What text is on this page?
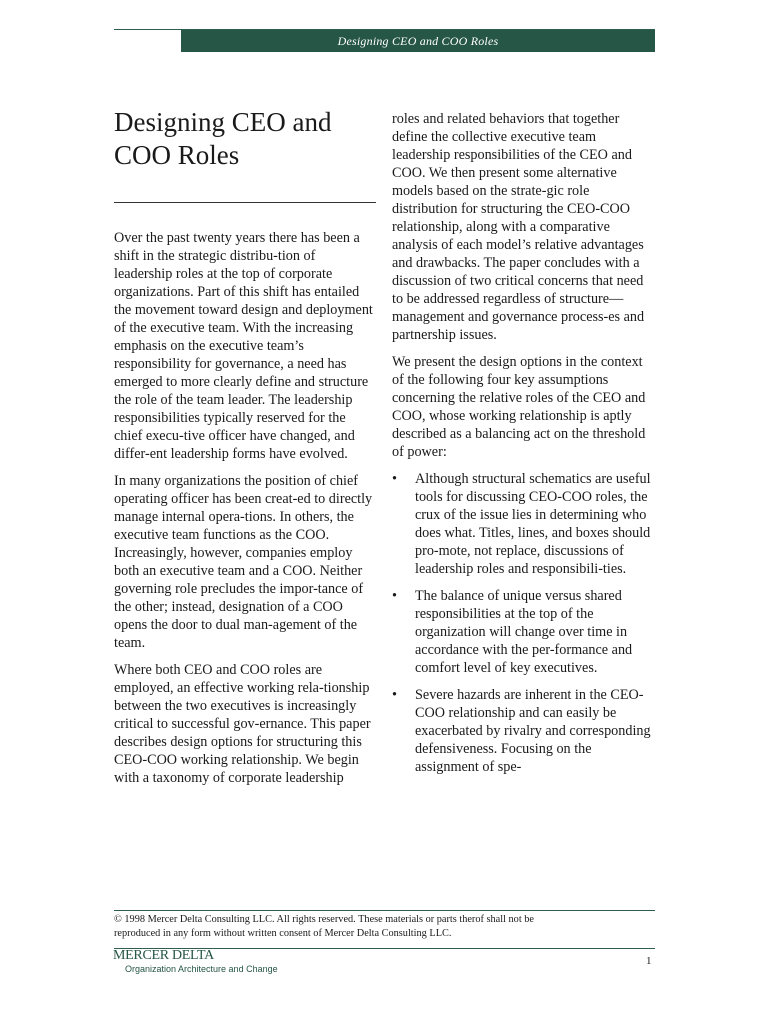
Designing CEO and COO Roles
Designing CEO and
COO Roles

Over the past twenty years there has been a shift in the strategic distribu-tion of leadership roles at the top of corporate organizations. Part of this shift has entailed the movement toward design and deployment of the executive team. With the increasing emphasis on the executive team’s responsibility for governance, a need has emerged to more clearly define and structure the role of the team leader. The leadership responsibilities typically reserved for the chief execu-tive officer have changed, and differ-ent leadership forms have evolved.

In many organizations the position of chief operating officer has been creat-ed to directly manage internal opera-tions. In others, the executive team functions as the COO. Increasingly, however, companies employ both an executive team and a COO. Neither governing role precludes the impor-tance of the other; instead, designation of a COO opens the door to dual man-agement of the team.

Where both CEO and COO roles are employed, an effective working rela-tionship between the two executives is increasingly critical to successful gov-ernance. This paper describes design options for structuring this CEO-COO working relationship. We begin with a taxonomy of corporate leadership

roles and related behaviors that together define the collective executive team leadership responsibilities of the CEO and COO. We then present some alternative models based on the strate-gic role distribution for structuring the CEO-COO relationship, along with a comparative analysis of each model’s relative advantages and drawbacks. The paper concludes with a discussion of two critical concerns that need to be addressed regardless of structure—management and governance process-es and partnership issues.

We present the design options in the context of the following four key assumptions concerning the relative roles of the CEO and COO, whose working relationship is aptly described as a balancing act on the threshold of power:

• Although structural schematics are useful tools for discussing CEO-COO roles, the crux of the issue lies in determining who does what. Titles, lines, and boxes should pro-mote, not replace, discussions of leadership roles and responsibili-ties.
• The balance of unique versus shared responsibilities at the top of the organization will change over time in accordance with the per-formance and comfort level of key executives.
• Severe hazards are inherent in the CEO-COO relationship and can easily be exacerbated by rivalry and corresponding defensiveness. Focusing on the assignment of spe-
© 1998 Mercer Delta Consulting LLC. All rights reserved. These materials or parts therof shall not be
reproduced in any form without written consent of Mercer Delta Consulting LLC.
MERCER DELTA
Organization Architecture and Change
1
